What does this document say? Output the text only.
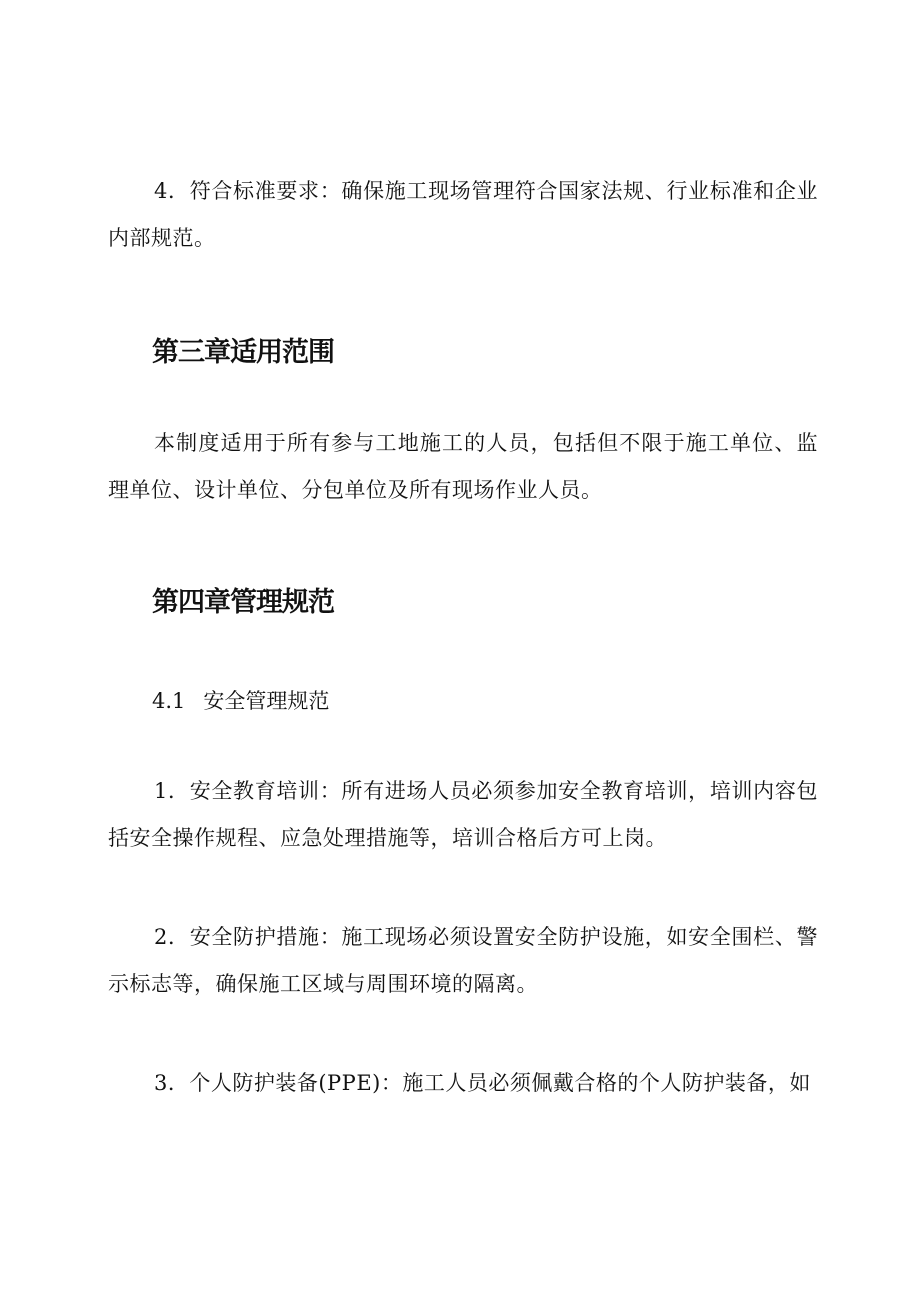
4．符合标准要求：确保施工现场管理符合国家法规、行业标准和企业内部规范。

第三章适用范围

本制度适用于所有参与工地施工的人员，包括但不限于施工单位、监理单位、设计单位、分包单位及所有现场作业人员。

第四章管理规范
4.1 安全管理规范

1．安全教育培训：所有进场人员必须参加安全教育培训，培训内容包括安全操作规程、应急处理措施等，培训合格后方可上岗。

2．安全防护措施：施工现场必须设置安全防护设施，如安全围栏、警示标志等，确保施工区域与周围环境的隔离。

3．个人防护装备(PPE)：施工人员必须佩戴合格的个人防护装备，如
